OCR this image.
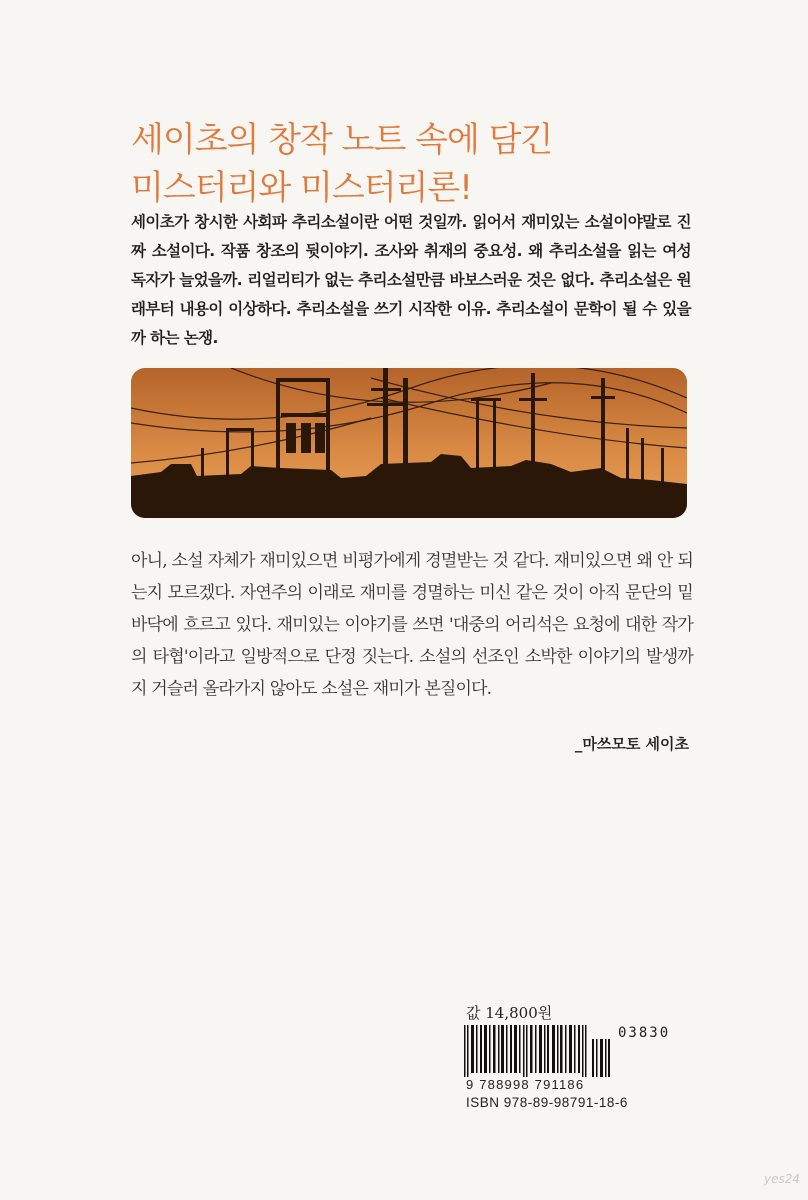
세이초의 창작 노트 속에 담긴
미스터리와 미스터리론!

세이초가 창시한 사회파 추리소설이란 어떤 것일까. 읽어서 재미있는 소설이야말로 진짜 소설이다. 작품 창조의 뒷이야기. 조사와 취재의 중요성. 왜 추리소설을 읽는 여성 독자가 늘었을까. 리얼리티가 없는 추리소설만큼 바보스러운 것은 없다. 추리소설은 원래부터 내용이 이상하다. 추리소설을 쓰기 시작한 이유. 추리소설이 문학이 될 수 있을까 하는 논쟁.

아니, 소설 자체가 재미있으면 비평가에게 경멸받는 것 같다. 재미있으면 왜 안 되는지 모르겠다. 자연주의 이래로 재미를 경멸하는 미신 같은 것이 아직 문단의 밑바닥에 흐르고 있다. 재미있는 이야기를 쓰면 '대중의 어리석은 요청에 대한 작가의 타협'이라고 일방적으로 단정 짓는다. 소설의 선조인 소박한 이야기의 발생까지 거슬러 올라가지 않아도 소설은 재미가 본질이다.

_마쓰모토 세이초
값 14,800원
03830
9 788998 791186
ISBN 978-89-98791-18-6
yes24
